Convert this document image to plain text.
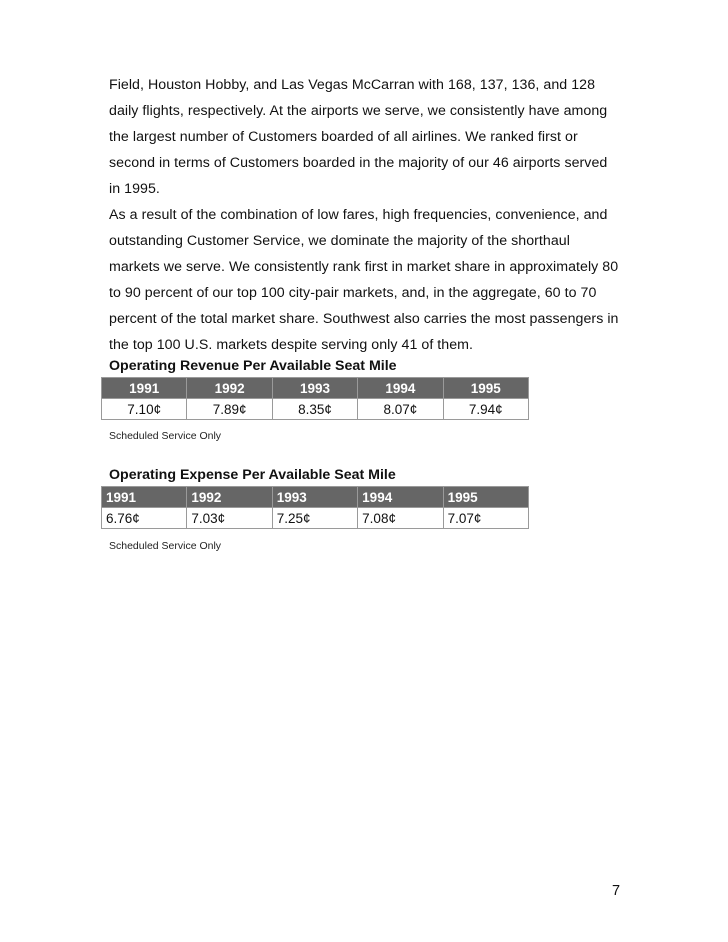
Field, Houston Hobby, and Las Vegas McCarran with 168, 137, 136, and 128
daily flights, respectively. At the airports we serve, we consistently have among
the largest number of Customers boarded of all airlines. We ranked first or
second in terms of Customers boarded in the majority of our 46 airports served
in 1995.
As a result of the combination of low fares, high frequencies, convenience, and
outstanding Customer Service, we dominate the majority of the shorthaul
markets we serve. We consistently rank first in market share in approximately 80
to 90 percent of our top 100 city-pair markets, and, in the aggregate, 60 to 70
percent of the total market share. Southwest also carries the most passengers in
the top 100 U.S. markets despite serving only 41 of them.

Operating Revenue Per Available Seat Mile

1991	1992	1993	1994	1995
7.10¢	7.89¢	8.35¢	8.07¢	7.94¢

Scheduled Service Only

Operating Expense Per Available Seat Mile

1991	1992	1993	1994	1995
6.76¢	7.03¢	7.25¢	7.08¢	7.07¢

Scheduled Service Only

7
